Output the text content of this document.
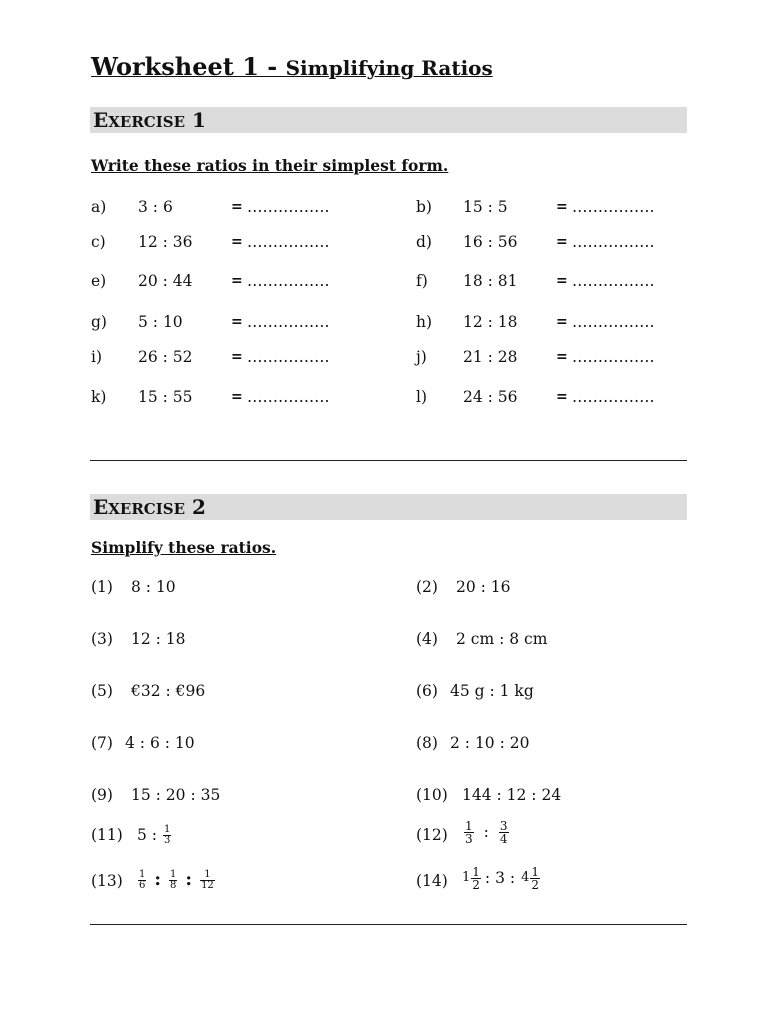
Worksheet 1 - Simplifying Ratios
EXERCISE 1
Write these ratios in their simplest form.
a) 3 : 6	= …………….	b) 15 : 5	= …………….
c) 12 : 36	= …………….	d) 16 : 56	= …………….
e) 20 : 44	= …………….	f) 18 : 81	= …………….
g) 5 : 10	= …………….	h) 12 : 18	= …………….
i) 26 : 52	= …………….	j) 21 : 28	= …………….
k) 15 : 55	= …………….	l) 24 : 56	= …………….
EXERCISE 2
Simplify these ratios.
(1) 8 : 10	(2) 20 : 16
(3) 12 : 18	(4) 2 cm : 8 cm
(5) €32 : €96	(6) 45 g : 1 kg
(7) 4 : 6 : 10	(8) 2 : 10 : 20
(9) 15 : 20 : 35	(10) 144 : 12 : 24
(11) 5 : $\frac{1}{3}$	$(12) \frac{1}{3}$ : $\frac{3}{4}$
$(13) \frac{1}{6}$ : $\frac{1}{8}$ : $\frac{1}{12}$	(14) $1 \frac{1}{2}$ : 3 : $4 \frac{1}{2}$
